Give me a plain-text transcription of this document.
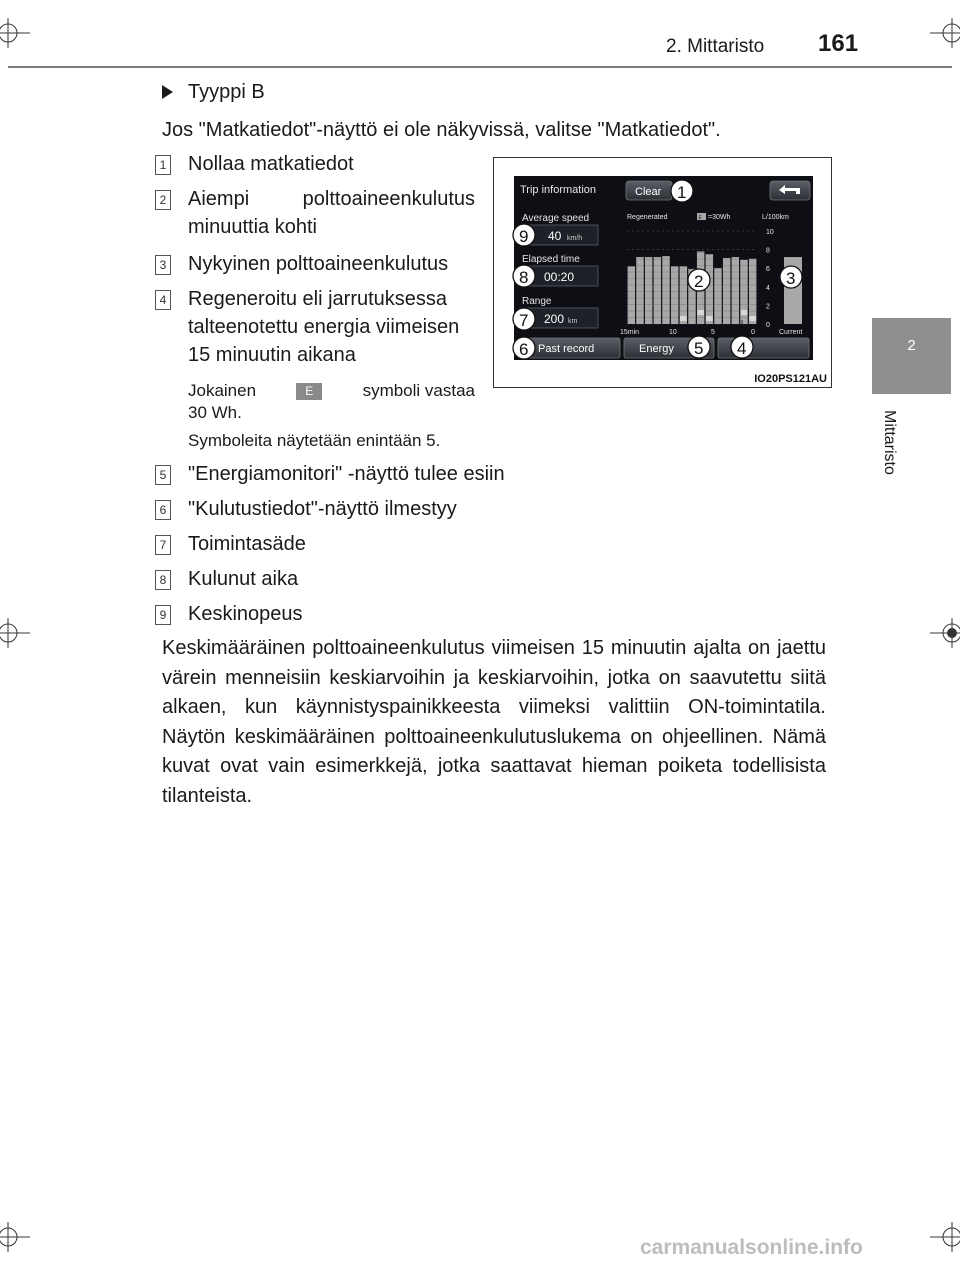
2. Mittaristo 161
2
Mittaristo
Tyyppi B
Jos "Matkatiedot"-näyttö ei ole näkyvissä, valitse "Matkatiedot".
1 Nollaa matkatiedot
2 Aiempi polttoaineenkulutus
minuuttia kohti
3 Nykyinen polttoaineenkulutus
4 Regeneroitu eli jarrutuksessa
talteenotettu energia viimeisen
15 minuutin aikana
Jokainen	E	symboli vastaa
30 Wh.
Symboleita näytetään enintään 5.
5 "Energiamonitori" -näyttö tulee esiin
6 "Kulutustiedot"-näyttö ilmestyy
7 Toimintasäde
8 Kulunut aika
9 Keskinopeus
Keskimääräinen polttoaineenkulutus viimeisen 15 minuutin ajalta on jaettu värein menneisiin keskiarvoihin ja keskiarvoihin, jotka on saavutettu siitä alkaen, kun käynnistyspainikkeesta viimeksi valittiin ON-toimintatila. Näytön keskimääräinen polttoaineenkulutuslukema on ohjeellinen. Nämä kuvat ovat vain esimerkkejä, jotka saattavat hieman poiketa todellisista tilanteista.
Trip information	Clear
Average speed
40 km/h
Elapsed time
00:20
Range
200 km
Regenerated	E =30Wh	L/100km
10
8
6
4
2
0
15min	10	5	0	Current
Past record	Energy
1
9
8	2	3
7
6	5 4
IO20PS121AU
carmanualsonline.info
